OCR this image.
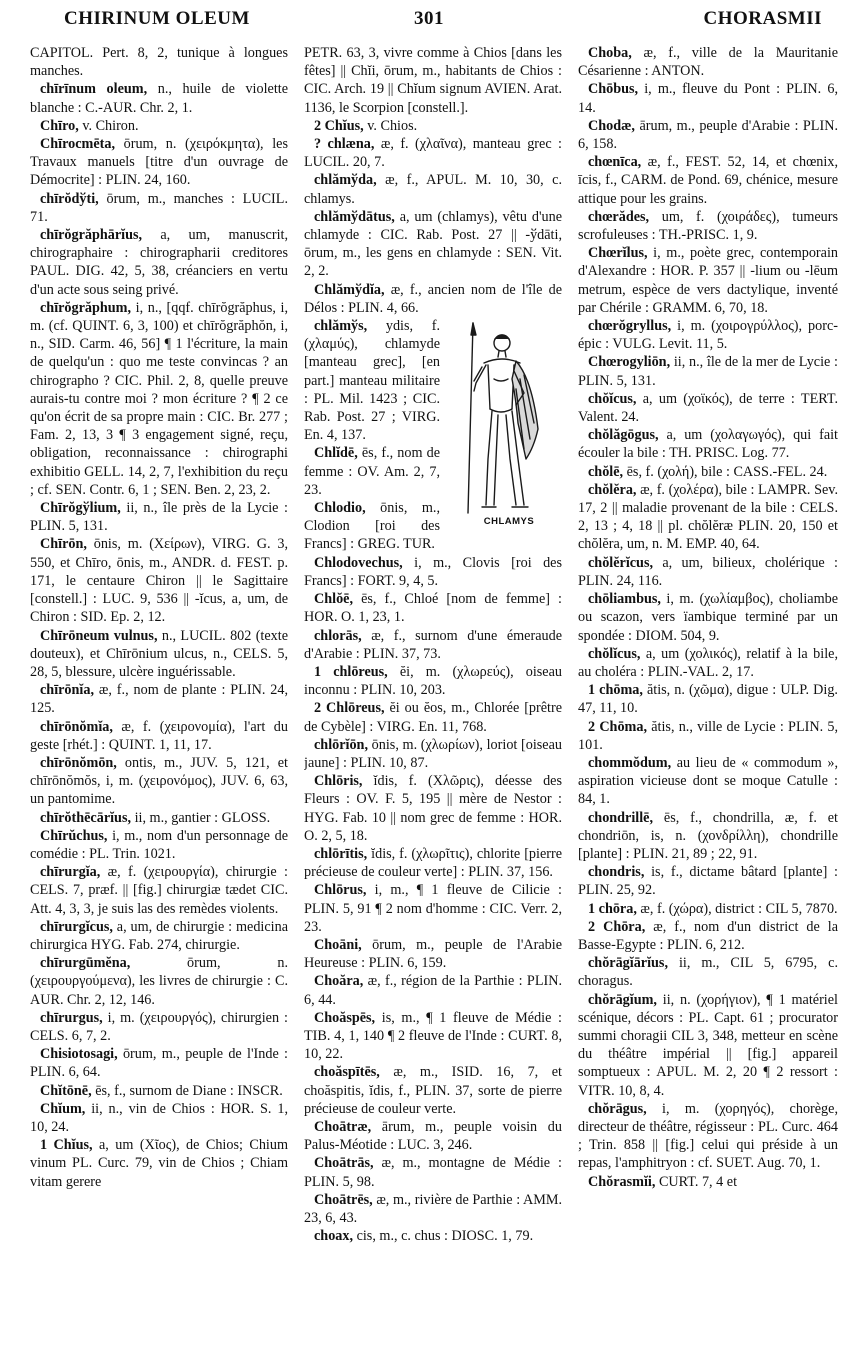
CHIRINUM OLEUM	301	CHORASMII

CAPITOL. Pert. 8, 2, tunique à longues manches.

chīrīnum oleum, n., huile de violette blanche : C.-AUR. Chr. 2, 1.

Chīro, v. Chiron.

Chīrocmēta, ōrum, n. (χειρόκμητα), les Travaux manuels [titre d'un ouvrage de Démocrite] : PLIN. 24, 160.

chīrŏdўti, ōrum, m., manches : LUCIL. 71.

chīrŏgrăphārĭus, a, um, manuscrit, chirographaire : chirographarii creditores PAUL. DIG. 42, 5, 38, créanciers en vertu d'un acte sous seing privé.

chīrŏgrăphum, i, n., [qqf. chīrŏgrăphus, i, m. (cf. QUINT. 6, 3, 100) et chīrŏgrăphŏn, i, n., SID. Carm. 46, 56] ¶ 1 l'écriture, la main de quelqu'un : quo me teste convincas ? an chirographo ? CIC. Phil. 2, 8, quelle preuve aurais-tu contre moi ? mon écriture ? ¶ 2 ce qu'on écrit de sa propre main : CIC. Br. 277 ; Fam. 2, 13, 3 ¶ 3 engagement signé, reçu, obligation, reconnaissance : chirographi exhibitio GELL. 14, 2, 7, l'exhibition du reçu ; cf. SEN. Contr. 6, 1 ; SEN. Ben. 2, 23, 2.

Chīrŏgўlium, ii, n., île près de la Lycie : PLIN. 5, 131.

Chīrōn, ōnis, m. (Χείρων), VIRG. G. 3, 550, et Chīro, ōnis, m., ANDR. d. FEST. p. 171, le centaure Chiron || le Sagittaire [constell.] : LUC. 9, 536 || -ĭcus, a, um, de Chiron : SID. Ep. 2, 12.

Chīrōneum vulnus, n., LUCIL. 802 (texte douteux), et Chīrōnium ulcus, n., CELS. 5, 28, 5, blessure, ulcère inguérissable.

chīrōnĭa, æ, f., nom de plante : PLIN. 24, 125.

chīrōnŏmĭa, æ, f. (χειρονομία), l'art du geste [rhét.] : QUINT. 1, 11, 17.

chīrōnŏmōn, ontis, m., JUV. 5, 121, et chīrōnŏmŏs, i, m. (χειρονόμος), JUV. 6, 63, un pantomime.

chīrŏthēcārĭus, ii, m., gantier : GLOSS.

Chīrŭchus, i, m., nom d'un personnage de comédie : PL. Trin. 1021.

chīrurgĭa, æ, f. (χειρουργία), chirurgie : CELS. 7, præf. || [fig.] chirurgiæ tædet CIC. Att. 4, 3, 3, je suis las des remèdes violents.

chīrurgĭcus, a, um, de chirurgie : medicina chirurgica HYG. Fab. 274, chirurgie.

chīrurgūmĕna, ōrum, n. (χειρουργούμενα), les livres de chirurgie : C. AUR. Chr. 2, 12, 146.

chīrurgus, i, m. (χειρουργός), chirurgien : CELS. 6, 7, 2.

Chisiotosagi, ōrum, m., peuple de l'Inde : PLIN. 6, 64.

Chĭtōnē, ēs, f., surnom de Diane : INSCR.

Chĭum, ii, n., vin de Chios : HOR. S. 1, 10, 24.

1 Chĭus, a, um (Χῖος), de Chios; Chium vinum PL. Curc. 79, vin de Chios ; Chiam vitam gerere

PETR. 63, 3, vivre comme à Chios [dans les fêtes] || Chĭi, ōrum, m., habitants de Chios : CIC. Arch. 19 || Chĭum signum AVIEN. Arat. 1136, le Scorpion [constell.].

2 Chĭus, v. Chios.

? chlæna, æ, f. (χλαῖνα), manteau grec : LUCIL. 20, 7.

chlămўda, æ, f., APUL. M. 10, 30, c. chlamys.

chlămўdātus, a, um (chlamys), vêtu d'une chlamyde : CIC. Rab. Post. 27 || -ўdāti, ōrum, m., les gens en chlamyde : SEN. Vit. 2, 2.

Chlămўdĭa, æ, f., ancien nom de l'île de Délos : PLIN. 4, 66.

CHLAMYS
chlămўs, ydis, f. (χλαμύς), chlamyde [manteau grec], [en part.] manteau militaire : PL. Mil. 1423 ; CIC. Rab. Post. 27 ; VIRG. En. 4, 137.

Chlĭdē, ēs, f., nom de femme : OV. Am. 2, 7, 23.

Chlodio, ōnis, m., Clodion [roi des Francs] : GREG. TUR.

Chlodovechus, i, m., Clovis [roi des Francs] : FORT. 9, 4, 5.

Chlŏē, ēs, f., Chloé [nom de femme] : HOR. O. 1, 23, 1.

chlorās, æ, f., surnom d'une émeraude d'Arabie : PLIN. 37, 73.

1 chlōreus, ĕi, m. (χλωρεύς), oiseau inconnu : PLIN. 10, 203.

2 Chlōreus, ĕi ou ĕos, m., Chlorée [prêtre de Cybèle] : VIRG. En. 11, 768.

chlōrĭōn, ōnis, m. (χλωρίων), loriot [oiseau jaune] : PLIN. 10, 87.

Chlōris, ĭdis, f. (Χλῶρις), déesse des Fleurs : OV. F. 5, 195 || mère de Nestor : HYG. Fab. 10 || nom grec de femme : HOR. O. 2, 5, 18.

chlōrītis, ĭdis, f. (χλωρῖτις), chlorite [pierre précieuse de couleur verte] : PLIN. 37, 156.

Chlōrus, i, m., ¶ 1 fleuve de Cilicie : PLIN. 5, 91 ¶ 2 nom d'homme : CIC. Verr. 2, 23.

Choāni, ōrum, m., peuple de l'Arabie Heureuse : PLIN. 6, 159.

Choăra, æ, f., région de la Parthie : PLIN. 6, 44.

Choăspēs, is, m., ¶ 1 fleuve de Médie : TIB. 4, 1, 140 ¶ 2 fleuve de l'Inde : CURT. 8, 10, 22.

choăspītēs, æ, m., ISID. 16, 7, et choăspitis, ĭdis, f., PLIN. 37, sorte de pierre précieuse de couleur verte.

Choātræ, ārum, m., peuple voisin du Palus-Méotide : LUC. 3, 246.

Choātrās, æ, m., montagne de Médie : PLIN. 5, 98.

Choātrēs, æ, m., rivière de Parthie : AMM. 23, 6, 43.

choax, cis, m., c. chus : DIOSC. 1, 79.

Choba, æ, f., ville de la Mauritanie Césarienne : ANTON.

Chōbus, i, m., fleuve du Pont : PLIN. 6, 14.

Chodæ, ārum, m., peuple d'Arabie : PLIN. 6, 158.

chœnīca, æ, f., FEST. 52, 14, et chœnix, īcis, f., CARM. de Pond. 69, chénice, mesure attique pour les grains.

chœrădes, um, f. (χοιράδες), tumeurs scrofuleuses : TH.-PRISC. 1, 9.

Chœrĭlus, i, m., poète grec, contemporain d'Alexandre : HOR. P. 357 || -lium ou -lēum metrum, espèce de vers dactylique, inventé par Chérile : GRAMM. 6, 70, 18.

chœrŏgryllus, i, m. (χοιρογρύλλος), porc-épic : VULG. Levit. 11, 5.

Chœrogyliōn, ii, n., île de la mer de Lycie : PLIN. 5, 131.

chŏĭcus, a, um (χοϊκός), de terre : TERT. Valent. 24.

chŏlăgōgus, a, um (χολαγωγός), qui fait écouler la bile : TH. PRISC. Log. 77.

chŏlē, ēs, f. (χολή), bile : CASS.-FEL. 24.

chŏlĕra, æ, f. (χολέρα), bile : LAMPR. Sev. 17, 2 || maladie provenant de la bile : CELS. 2, 13 ; 4, 18 || pl. chŏlĕræ PLIN. 20, 150 et chŏlĕra, um, n. M. EMP. 40, 64.

chŏlĕrĭcus, a, um, bilieux, cholérique : PLIN. 24, 116.

chōliambus, i, m. (χωλίαμβος), choliambe ou scazon, vers ïambique terminé par un spondée : DIOM. 504, 9.

chŏlĭcus, a, um (χολικός), relatif à la bile, au choléra : PLIN.-VAL. 2, 17.

1 chōma, ătis, n. (χῶμα), digue : ULP. Dig. 47, 11, 10.

2 Chōma, ătis, n., ville de Lycie : PLIN. 5, 101.

chommŏdum, au lieu de « commodum », aspiration vicieuse dont se moque Catulle : 84, 1.

chondrillē, ēs, f., chondrilla, æ, f. et chondriōn, is, n. (χονδρίλλη), chondrille [plante] : PLIN. 21, 89 ; 22, 91.

chondris, is, f., dictame bâtard [plante] : PLIN. 25, 92.

1 chōra, æ, f. (χώρα), district : CIL 5, 7870.

2 Chōra, æ, f., nom d'un district de la Basse-Egypte : PLIN. 6, 212.

chŏrāgĭārĭus, ii, m., CIL 5, 6795, c. choragus.

chŏrāgĭum, ii, n. (χορήγιον), ¶ 1 matériel scénique, décors : PL. Capt. 61 ; procurator summi choragii CIL 3, 348, metteur en scène du théâtre impérial || [fig.] appareil somptueux : APUL. M. 2, 20 ¶ 2 ressort : VITR. 10, 8, 4.

chŏrāgus, i, m. (χορηγός), chorège, directeur de théâtre, régisseur : PL. Curc. 464 ; Trin. 858 || [fig.] celui qui préside à un repas, l'amphitryon : cf. SUET. Aug. 70, 1.

Chŏrasmĭi, CURT. 7, 4 et
